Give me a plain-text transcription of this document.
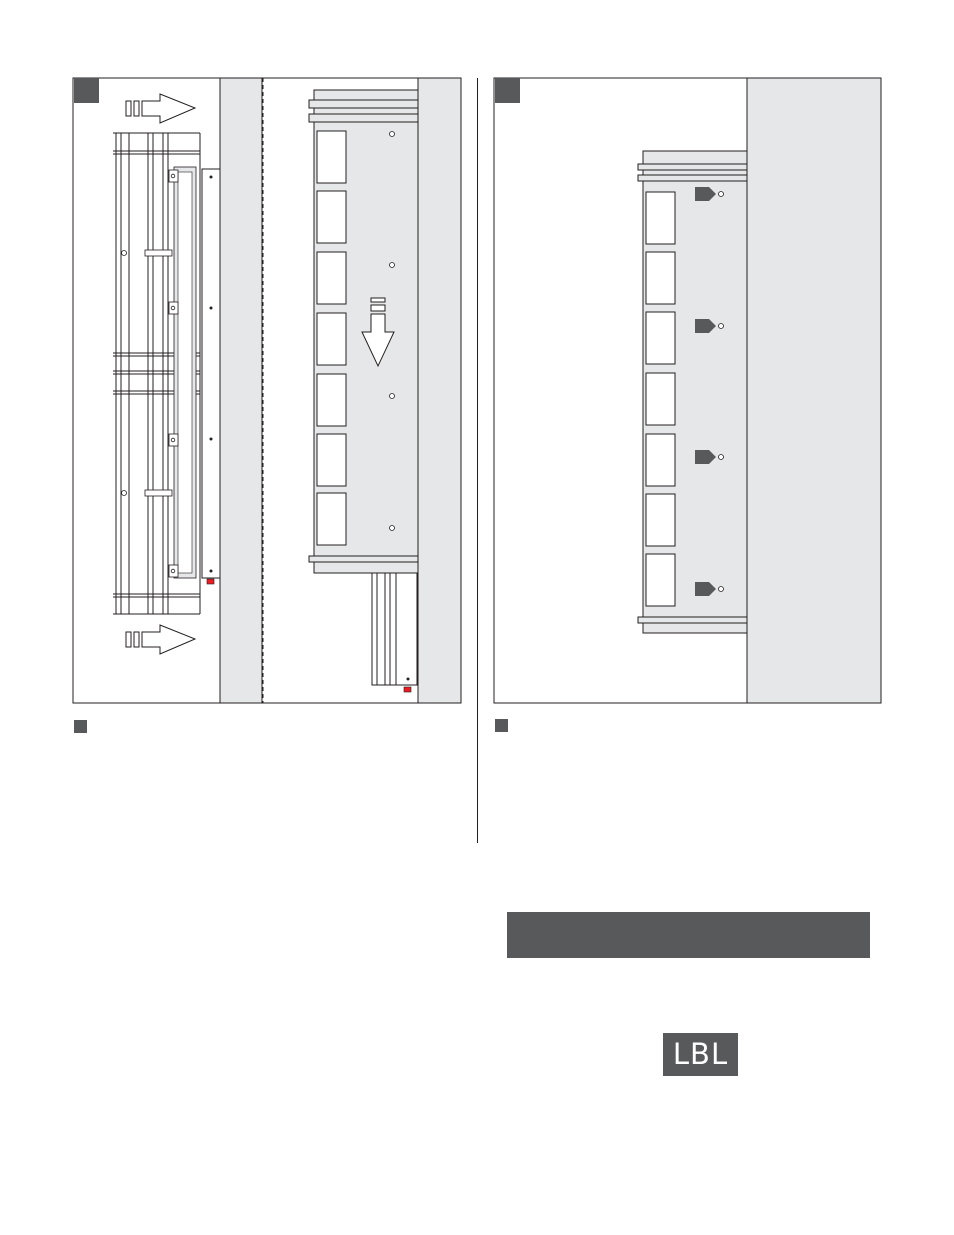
LBL
